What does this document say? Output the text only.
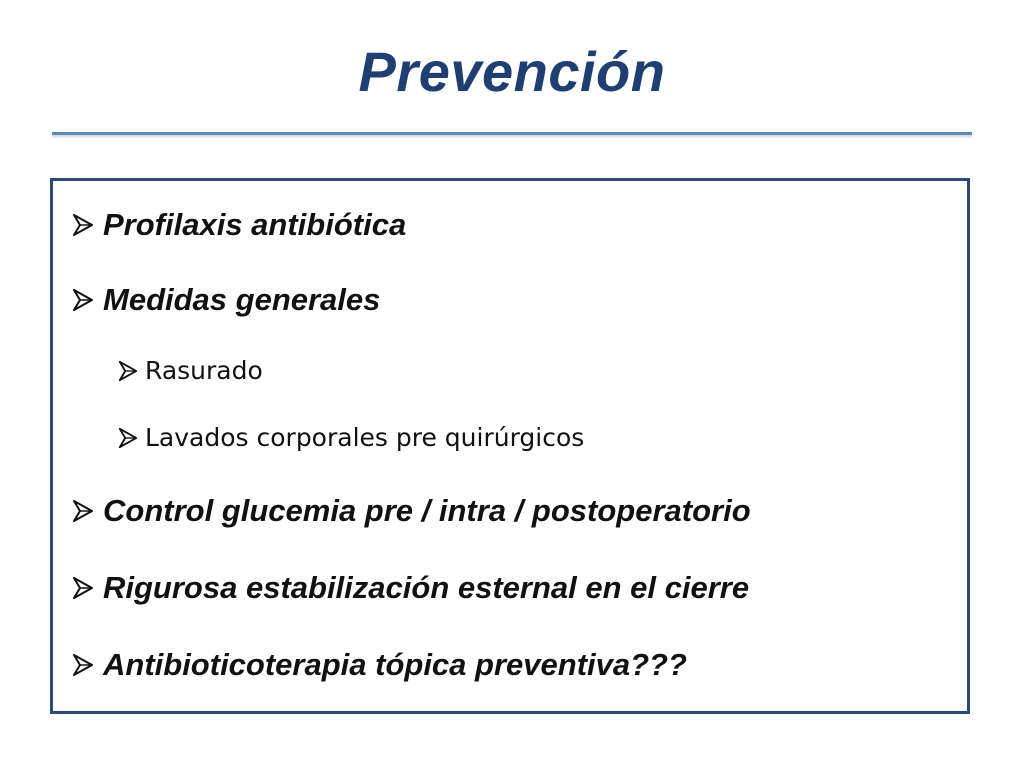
Prevención
Profilaxis antibiótica
Medidas generales
Rasurado
Lavados corporales pre quirúrgicos
Control glucemia pre / intra / postoperatorio
Rigurosa estabilización esternal en el cierre
Antibioticoterapia tópica preventiva???
